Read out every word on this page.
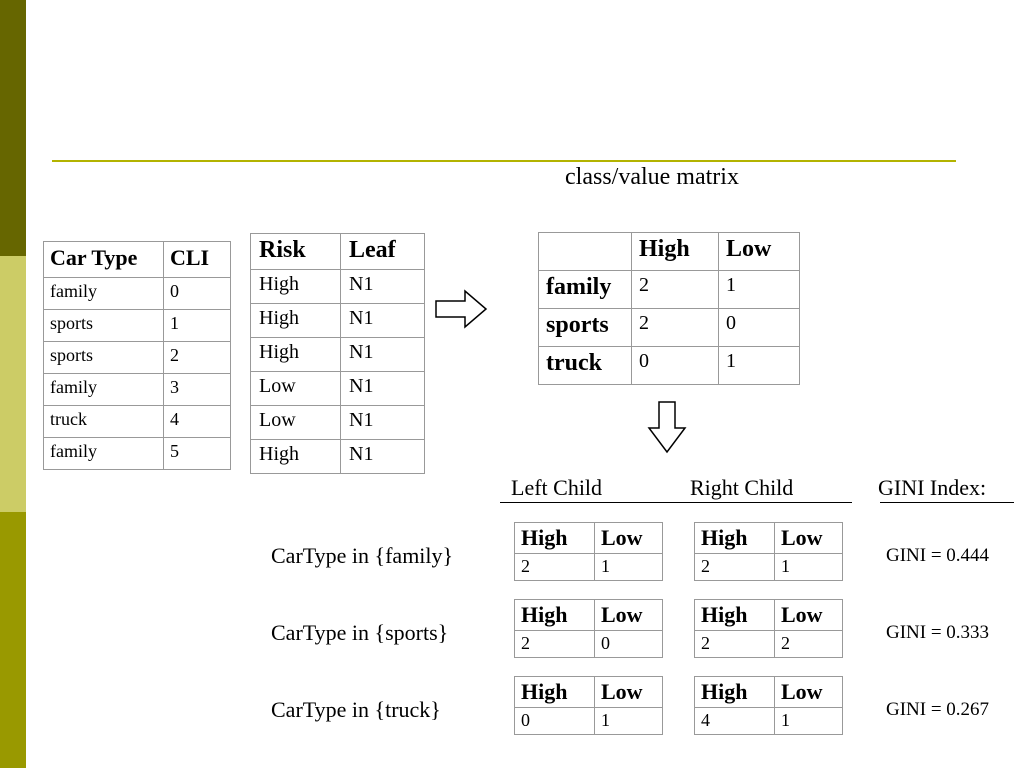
class/value matrix
Car Type	CLI
family	0
sports	1
sports	2
family	3
truck	4
family	5
Risk	Leaf
High	N1
High	N1
High	N1
Low	N1
Low	N1
High	N1
	High	Low
family	2	1
sports	2	0
truck	0	1
Left Child	Right Child	GINI Index:
CarType in {family}
High	Low
2	1
High	Low
2	1	GINI = 0.444
CarType in {sports}
High	Low
2	0
High	Low
2	2	GINI = 0.333
CarType in {truck}
High	Low
0	1
High	Low
4	1	GINI = 0.267
